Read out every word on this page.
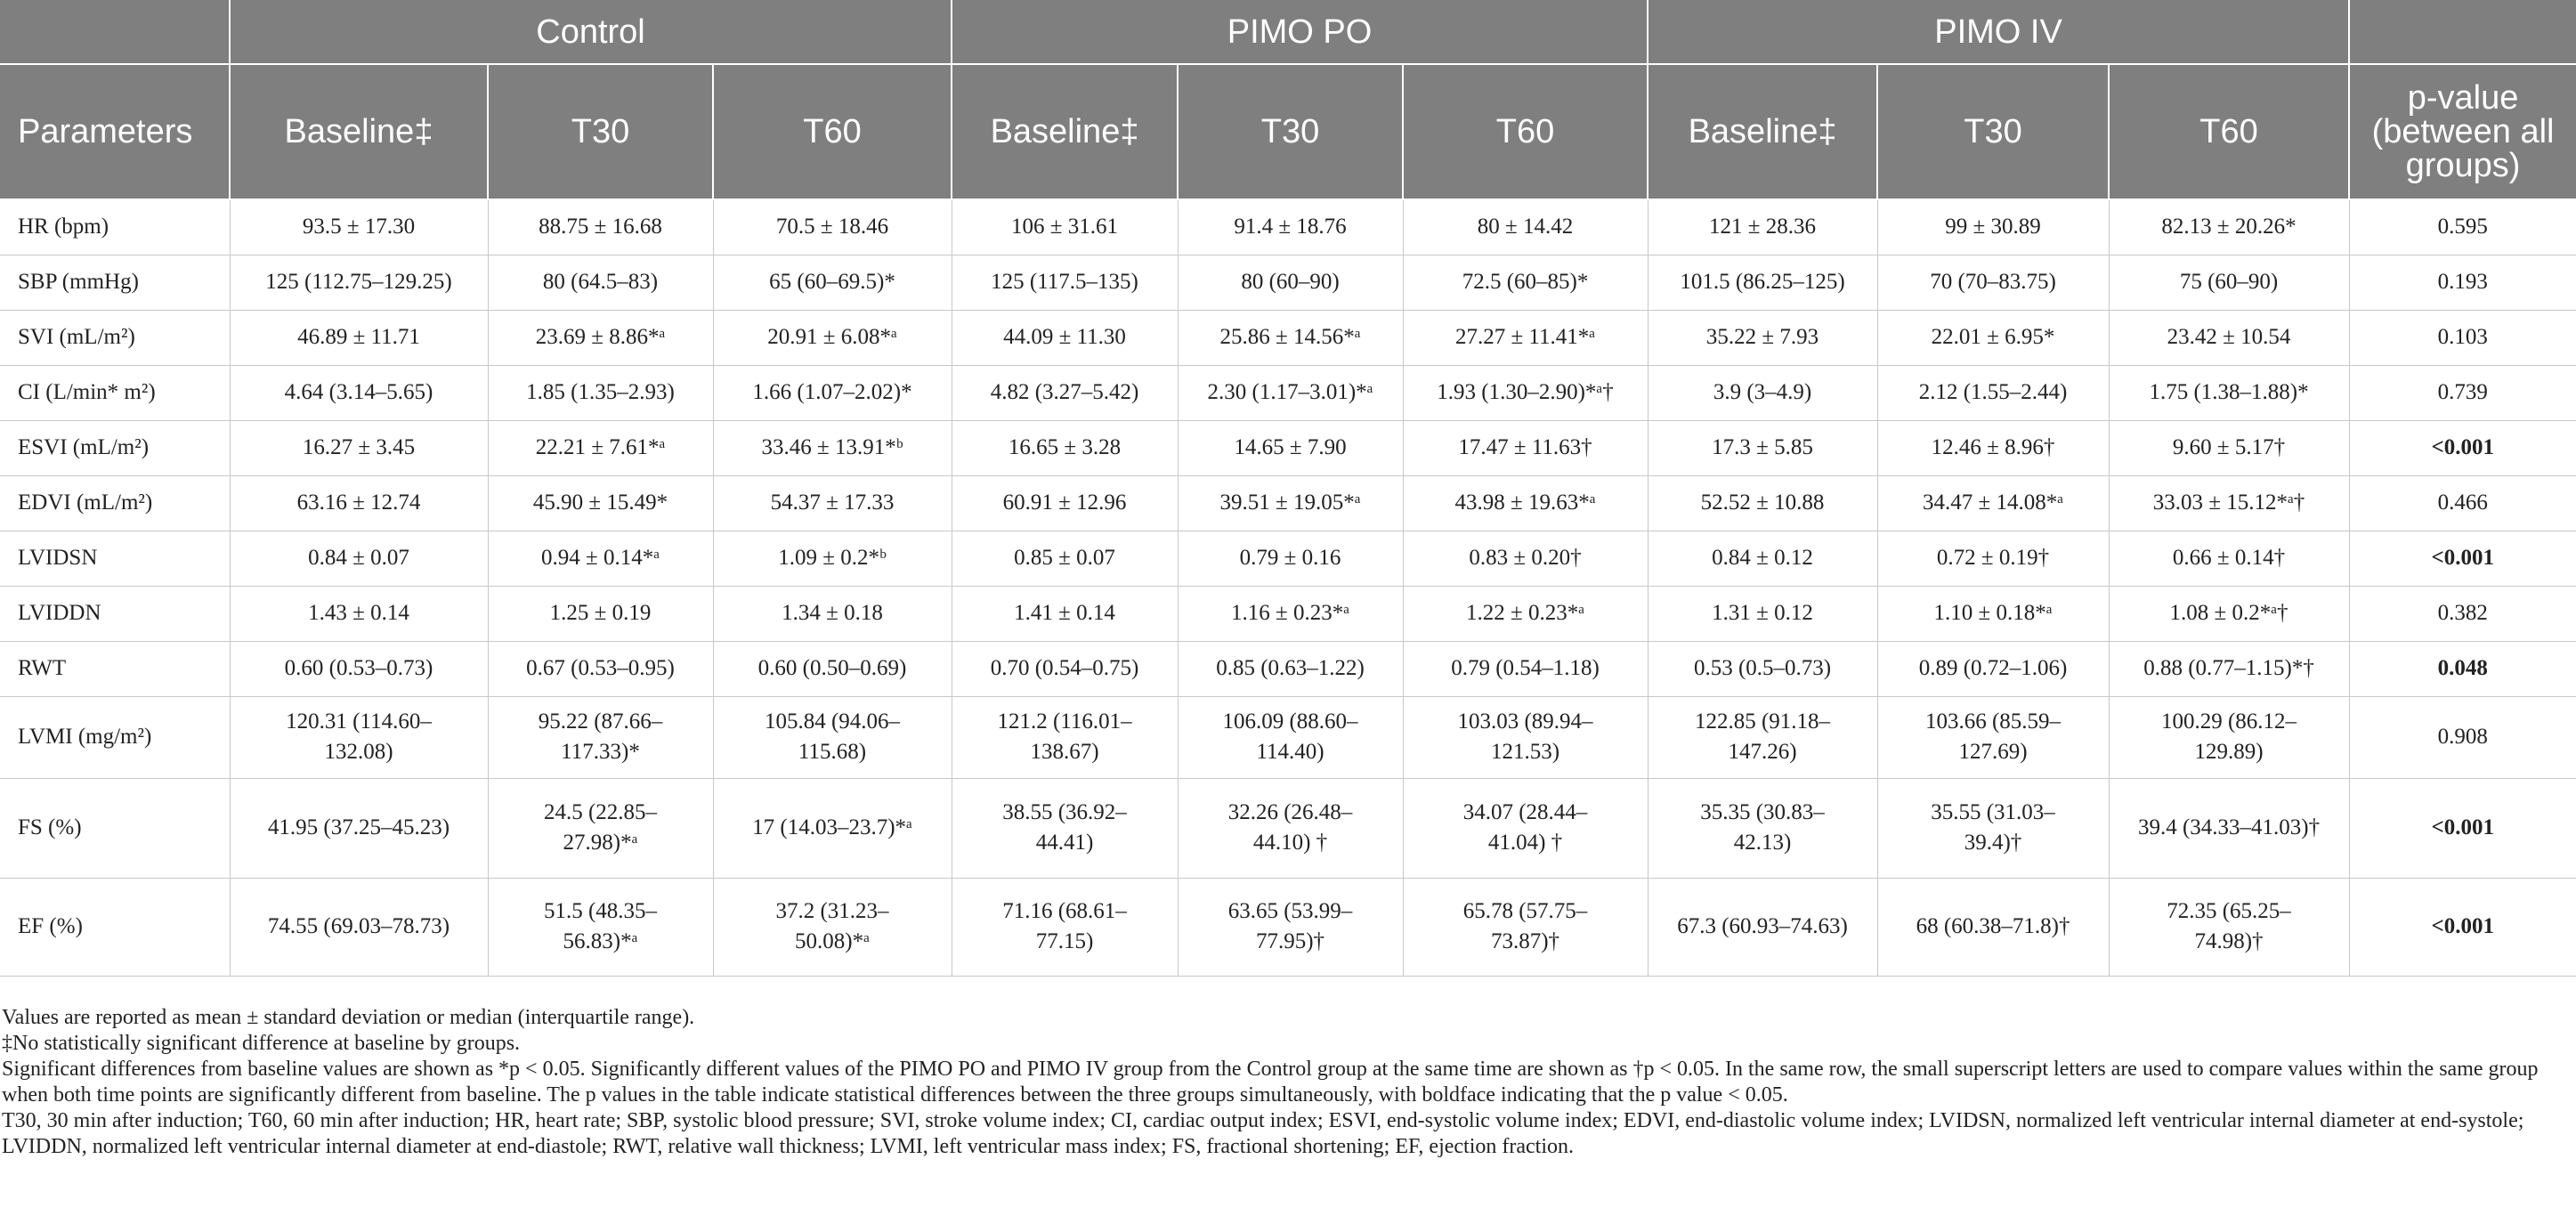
	Control			PIMO PO			PIMO IV			
Parameters	Baseline‡	T30	T60	Baseline‡	T30	T60	Baseline‡	T30	T60	p-value (between all groups)
HR (bpm)	93.5 ± 17.30	88.75 ± 16.68	70.5 ± 18.46	106 ± 31.61	91.4 ± 18.76	80 ± 14.42	121 ± 28.36	99 ± 30.89	82.13 ± 20.26*	0.595
SBP (mmHg)	125 (112.75–129.25)	80 (64.5–83)	65 (60–69.5)*	125 (117.5–135)	80 (60–90)	72.5 (60–85)*	101.5 (86.25–125)	70 (70–83.75)	75 (60–90)	0.193
SVI (mL/m²)	46.89 ± 11.71	23.69 ± 8.86*ᵃ	20.91 ± 6.08*ᵃ	44.09 ± 11.30	25.86 ± 14.56*ᵃ	27.27 ± 11.41*ᵃ	35.22 ± 7.93	22.01 ± 6.95*	23.42 ± 10.54	0.103
CI (L/min* m²)	4.64 (3.14–5.65)	1.85 (1.35–2.93)	1.66 (1.07–2.02)*	4.82 (3.27–5.42)	2.30 (1.17–3.01)*ᵃ	1.93 (1.30–2.90)*ᵃ†	3.9 (3–4.9)	2.12 (1.55–2.44)	1.75 (1.38–1.88)*	0.739
ESVI (mL/m²)	16.27 ± 3.45	22.21 ± 7.61*ᵃ	33.46 ± 13.91*ᵇ	16.65 ± 3.28	14.65 ± 7.90	17.47 ± 11.63†	17.3 ± 5.85	12.46 ± 8.96†	9.60 ± 5.17†	<0.001
EDVI (mL/m²)	63.16 ± 12.74	45.90 ± 15.49*	54.37 ± 17.33	60.91 ± 12.96	39.51 ± 19.05*ᵃ	43.98 ± 19.63*ᵃ	52.52 ± 10.88	34.47 ± 14.08*ᵃ	33.03 ± 15.12*ᵃ†	0.466
LVIDSN	0.84 ± 0.07	0.94 ± 0.14*ᵃ	1.09 ± 0.2*ᵇ	0.85 ± 0.07	0.79 ± 0.16	0.83 ± 0.20†	0.84 ± 0.12	0.72 ± 0.19†	0.66 ± 0.14†	<0.001
LVIDDN	1.43 ± 0.14	1.25 ± 0.19	1.34 ± 0.18	1.41 ± 0.14	1.16 ± 0.23*ᵃ	1.22 ± 0.23*ᵃ	1.31 ± 0.12	1.10 ± 0.18*ᵃ	1.08 ± 0.2*ᵃ†	0.382
RWT	0.60 (0.53–0.73)	0.67 (0.53–0.95)	0.60 (0.50–0.69)	0.70 (0.54–0.75)	0.85 (0.63–1.22)	0.79 (0.54–1.18)	0.53 (0.5–0.73)	0.89 (0.72–1.06)	0.88 (0.77–1.15)*†	0.048
LVMI (mg/m²)	120.31 (114.60–
132.08)	95.22 (87.66–
117.33)*	105.84 (94.06–
115.68)	121.2 (116.01–
138.67)	106.09 (88.60–
114.40)	103.03 (89.94–
121.53)	122.85 (91.18–
147.26)	103.66 (85.59–
127.69)	100.29 (86.12–
129.89)	0.908
FS (%)	41.95 (37.25–45.23)	24.5 (22.85–
27.98)*ᵃ	17 (14.03–23.7)*ᵃ	38.55 (36.92–
44.41)	32.26 (26.48–
44.10) †	34.07 (28.44–
41.04) †	35.35 (30.83–
42.13)	35.55 (31.03–
39.4)†	39.4 (34.33–41.03)†	<0.001
EF (%)	74.55 (69.03–78.73)	51.5 (48.35–
56.83)*ᵃ	37.2 (31.23–
50.08)*ᵃ	71.16 (68.61–
77.15)	63.65 (53.99–
77.95)†	65.78 (57.75–
73.87)†	67.3 (60.93–74.63)	68 (60.38–71.8)†	72.35 (65.25–
74.98)†	<0.001

Values are reported as mean ± standard deviation or median (interquartile range).

‡No statistically significant difference at baseline by groups.

Significant differences from baseline values are shown as *p < 0.05. Significantly different values of the PIMO PO and PIMO IV group from the Control group at the same time are shown as †p < 0.05. In the same row, the small superscript letters are used to compare values within the same group when both time points are significantly different from baseline. The p values in the table indicate statistical differences between the three groups simultaneously, with boldface indicating that the p value < 0.05.

T30, 30 min after induction; T60, 60 min after induction; HR, heart rate; SBP, systolic blood pressure; SVI, stroke volume index; CI, cardiac output index; ESVI, end-systolic volume index; EDVI, end-diastolic volume index; LVIDSN, normalized left ventricular internal diameter at end-systole; LVIDDN, normalized left ventricular internal diameter at end-diastole; RWT, relative wall thickness; LVMI, left ventricular mass index; FS, fractional shortening; EF, ejection fraction.
